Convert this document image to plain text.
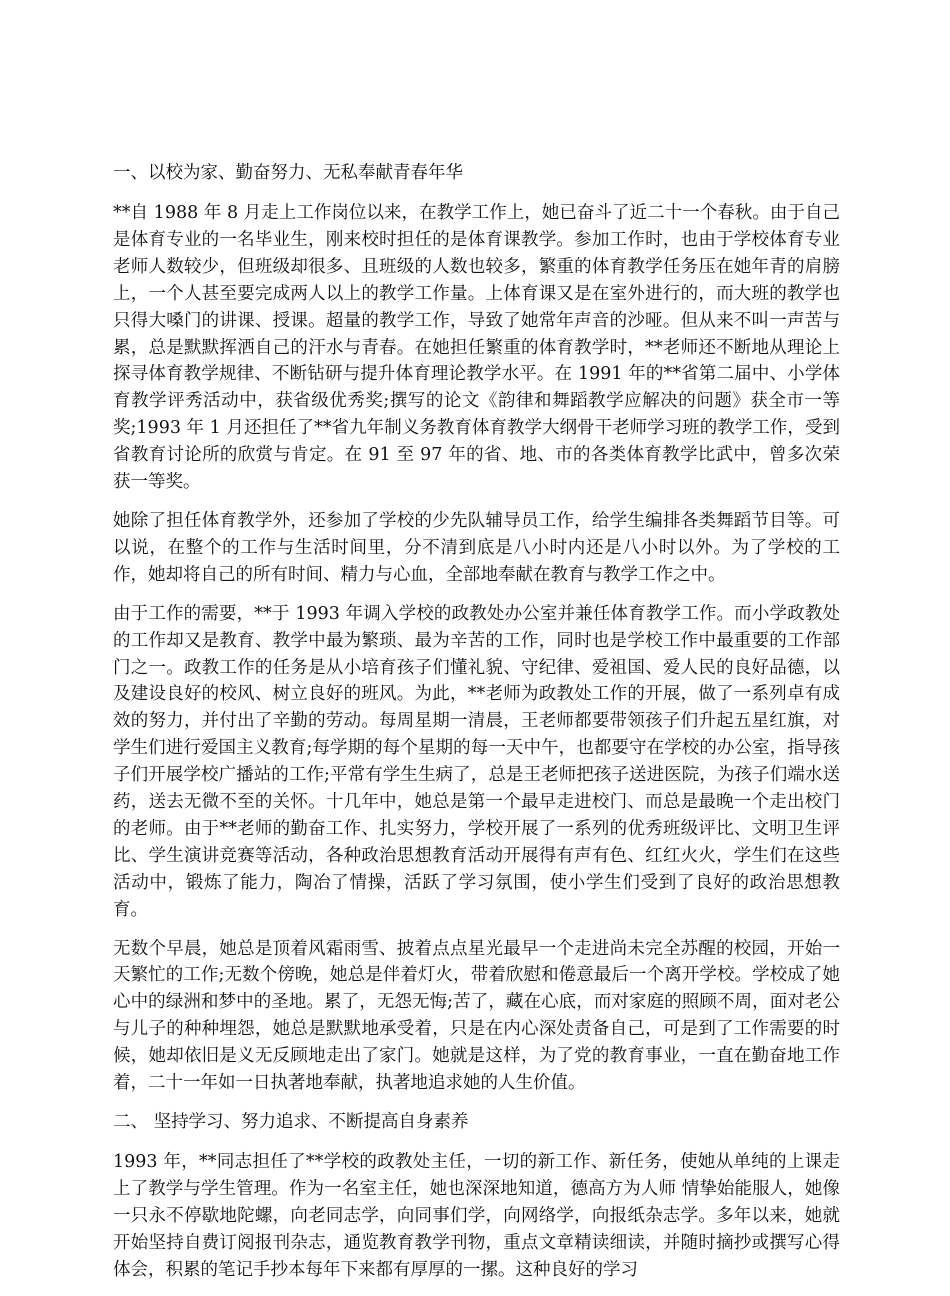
一、以校为家、勤奋努力、无私奉献青春年华

**自 1988 年 8 月走上工作岗位以来，在教学工作上，她已奋斗了近二十一个春秋。由于自己是体育专业的一名毕业生，刚来校时担任的是体育课教学。参加工作时，也由于学校体育专业老师人数较少，但班级却很多、且班级的人数也较多，繁重的体育教学任务压在她年青的肩膀上，一个人甚至要完成两人以上的教学工作量。上体育课又是在室外进行的，而大班的教学也只得大嗓门的讲课、授课。超量的教学工作，导致了她常年声音的沙哑。但从来不叫一声苦与累，总是默默挥洒自己的汗水与青春。在她担任繁重的体育教学时，**老师还不断地从理论上探寻体育教学规律、不断钻研与提升体育理论教学水平。在 1991 年的**省第二届中、小学体育教学评秀活动中，获省级优秀奖;撰写的论文《韵律和舞蹈教学应解决的问题》获全市一等奖;1993 年 1 月还担任了**省九年制义务教育体育教学大纲骨干老师学习班的教学工作，受到省教育讨论所的欣赏与肯定。在 91 至 97 年的省、地、市的各类体育教学比武中，曾多次荣获一等奖。

她除了担任体育教学外，还参加了学校的少先队辅导员工作，给学生编排各类舞蹈节目等。可以说，在整个的工作与生活时间里，分不清到底是八小时内还是八小时以外。为了学校的工作，她却将自己的所有时间、精力与心血，全部地奉献在教育与教学工作之中。

由于工作的需要，**于 1993 年调入学校的政教处办公室并兼任体育教学工作。而小学政教处的工作却又是教育、教学中最为繁琐、最为辛苦的工作，同时也是学校工作中最重要的工作部门之一。政教工作的任务是从小培育孩子们懂礼貌、守纪律、爱祖国、爱人民的良好品德，以及建设良好的校风、树立良好的班风。为此，**老师为政教处工作的开展，做了一系列卓有成效的努力，并付出了辛勤的劳动。每周星期一清晨，王老师都要带领孩子们升起五星红旗，对学生们进行爱国主义教育;每学期的每个星期的每一天中午，也都要守在学校的办公室，指导孩子们开展学校广播站的工作;平常有学生生病了，总是王老师把孩子送进医院，为孩子们端水送药，送去无微不至的关怀。十几年中，她总是第一个最早走进校门、而总是最晚一个走出校门的老师。由于**老师的勤奋工作、扎实努力，学校开展了一系列的优秀班级评比、文明卫生评比、学生演讲竞赛等活动，各种政治思想教育活动开展得有声有色、红红火火，学生们在这些活动中，锻炼了能力，陶冶了情操，活跃了学习氛围，使小学生们受到了良好的政治思想教育。

无数个早晨，她总是顶着风霜雨雪、披着点点星光最早一个走进尚未完全苏醒的校园，开始一天繁忙的工作;无数个傍晚，她总是伴着灯火，带着欣慰和倦意最后一个离开学校。学校成了她心中的绿洲和梦中的圣地。累了，无怨无悔;苦了，藏在心底，而对家庭的照顾不周，面对老公与儿子的种种埋怨，她总是默默地承受着，只是在内心深处责备自己，可是到了工作需要的时候，她却依旧是义无反顾地走出了家门。她就是这样，为了党的教育事业，一直在勤奋地工作着，二十一年如一日执著地奉献，执著地追求她的人生价值。

二、 坚持学习、努力追求、不断提高自身素养

1993 年，**同志担任了**学校的政教处主任，一切的新工作、新任务，使她从单纯的上课走上了教学与学生管理。作为一名室主任，她也深深地知道，德高方为人师 情挚始能服人，她像一只永不停歇地陀螺，向老同志学，向同事们学，向网络学，向报纸杂志学。多年以来，她就开始坚持自费订阅报刊杂志，通览教育教学刊物，重点文章精读细读，并随时摘抄或撰写心得体会，积累的笔记手抄本每年下来都有厚厚的一摞。这种良好的学习
